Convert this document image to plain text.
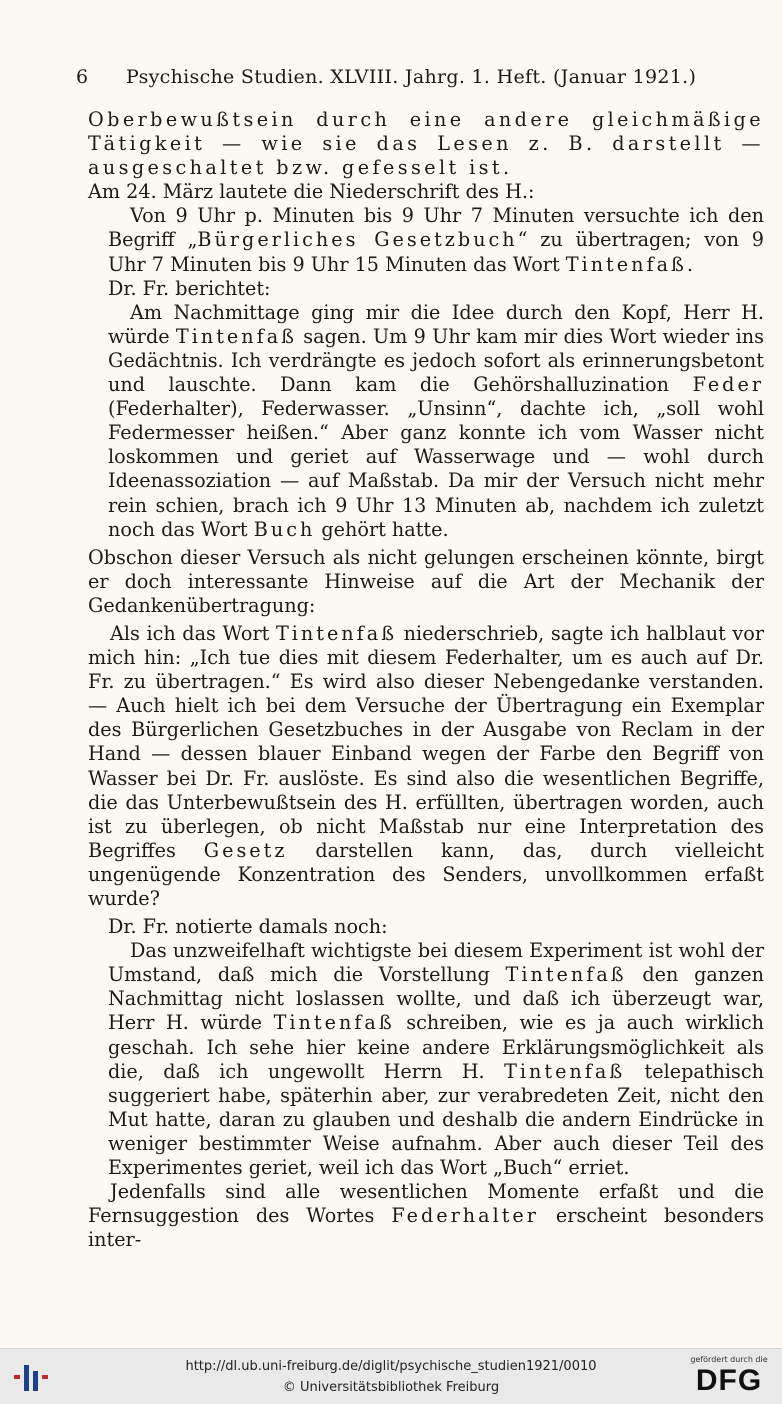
6 Psychische Studien. XLVIII. Jahrg. 1. Heft. (Januar 1921.)

Oberbewußtsein durch eine andere gleichmäßige Tätigkeit — wie sie das Lesen z. B. darstellt — ausgeschaltet bzw. gefesselt ist.

Am 24. März lautete die Niederschrift des H.:

Von 9 Uhr p. Minuten bis 9 Uhr 7 Minuten versuchte ich den Begriff „Bürgerliches Gesetzbuch“ zu übertragen; von 9 Uhr 7 Minuten bis 9 Uhr 15 Minuten das Wort Tintenfaß.

Dr. Fr. berichtet:

Am Nachmittage ging mir die Idee durch den Kopf, Herr H. würde Tintenfaß sagen. Um 9 Uhr kam mir dies Wort wieder ins Gedächtnis. Ich verdrängte es jedoch sofort als erinnerungsbetont und lauschte. Dann kam die Gehörshalluzination Feder (Federhalter), Federwasser. „Unsinn“, dachte ich, „soll wohl Federmesser heißen.“ Aber ganz konnte ich vom Wasser nicht loskommen und geriet auf Wasserwage und — wohl durch Ideenassoziation — auf Maßstab. Da mir der Versuch nicht mehr rein schien, brach ich 9 Uhr 13 Minuten ab, nachdem ich zuletzt noch das Wort Buch gehört hatte.

Obschon dieser Versuch als nicht gelungen erscheinen könnte, birgt er doch interessante Hinweise auf die Art der Mechanik der Gedankenübertragung:

Als ich das Wort Tintenfaß niederschrieb, sagte ich halblaut vor mich hin: „Ich tue dies mit diesem Federhalter, um es auch auf Dr. Fr. zu übertragen.“ Es wird also dieser Nebengedanke verstanden. — Auch hielt ich bei dem Versuche der Übertragung ein Exemplar des Bürgerlichen Gesetzbuches in der Ausgabe von Reclam in der Hand — dessen blauer Einband wegen der Farbe den Begriff von Wasser bei Dr. Fr. auslöste. Es sind also die wesentlichen Begriffe, die das Unterbewußtsein des H. erfüllten, übertragen worden, auch ist zu überlegen, ob nicht Maßstab nur eine Interpretation des Begriffes Gesetz darstellen kann, das, durch vielleicht ungenügende Konzentration des Senders, unvollkommen erfaßt wurde?

Dr. Fr. notierte damals noch:

Das unzweifelhaft wichtigste bei diesem Experiment ist wohl der Umstand, daß mich die Vorstellung Tintenfaß den ganzen Nachmittag nicht loslassen wollte, und daß ich überzeugt war, Herr H. würde Tintenfaß schreiben, wie es ja auch wirklich geschah. Ich sehe hier keine andere Erklärungsmöglichkeit als die, daß ich ungewollt Herrn H. Tintenfaß telepathisch suggeriert habe, späterhin aber, zur verabredeten Zeit, nicht den Mut hatte, daran zu glauben und deshalb die andern Eindrücke in weniger bestimmter Weise aufnahm. Aber auch dieser Teil des Experimentes geriet, weil ich das Wort „Buch“ erriet.

Jedenfalls sind alle wesentlichen Momente erfaßt und die Fernsuggestion des Wortes Federhalter erscheint besonders inter-

http://dl.ub.uni-freiburg.de/diglit/psychische_studien1921/0010
© Universitätsbibliothek Freiburg
gefördert durch die
DFG
